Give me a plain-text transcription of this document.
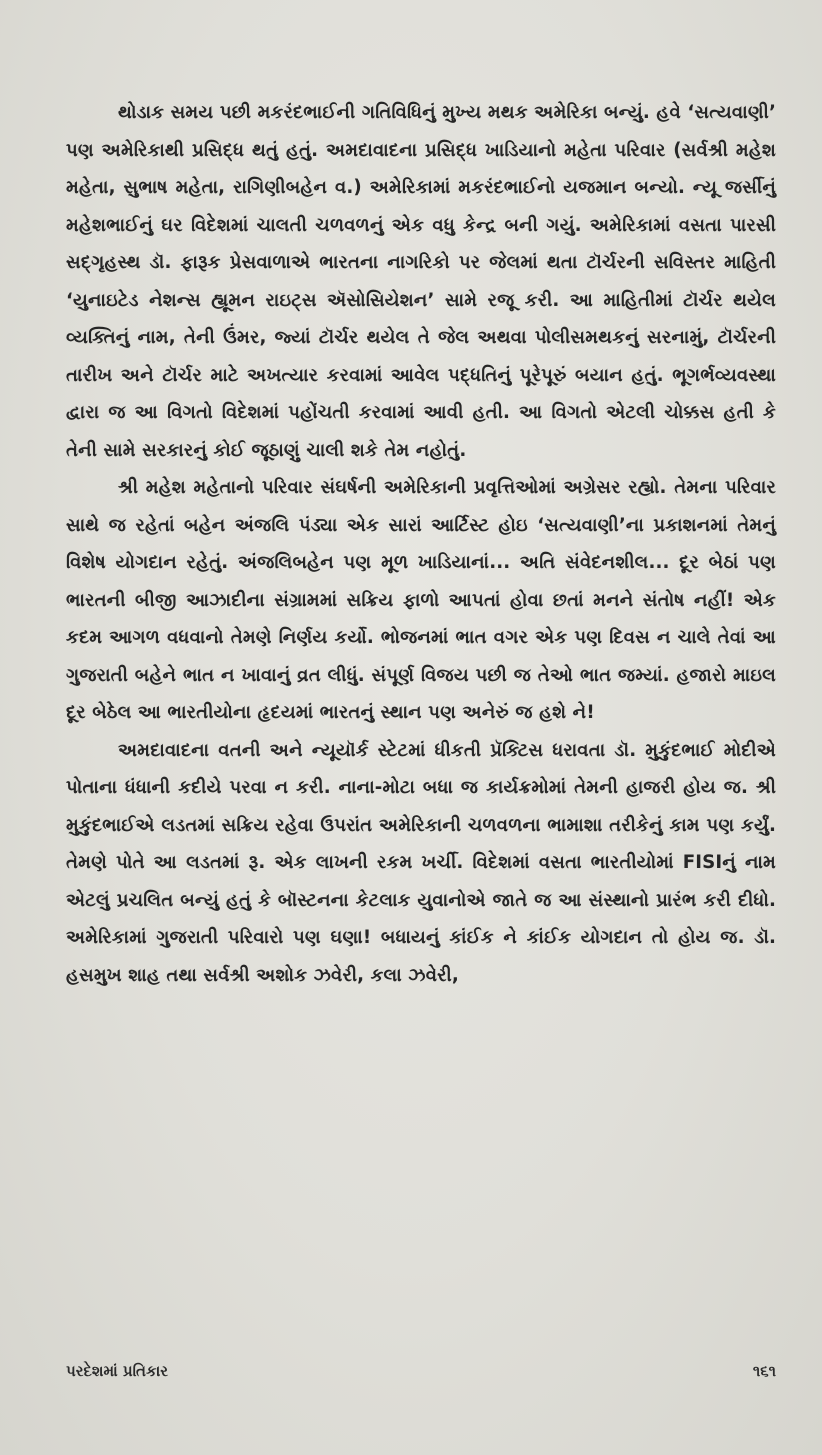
થોડાક સમય પછી મકરંદભાઈની ગતિવિધિનું મુખ્ય મથક અમેરિકા બન્યું. હવે ‘સત્યવાણી’ પણ અમેરિકાથી પ્રસિદ્ધ થતું હતું. અમદાવાદના પ્રસિદ્ધ ખાડિયાનો મહેતા પરિવાર (સર્વશ્રી મહેશ મહેતા, સુભાષ મહેતા, રાગિણીબહેન વ.) અમેરિકામાં મકરંદભાઈનો યજમાન બન્યો. ન્યૂ જર્સીનું મહેશભાઈનું ઘર વિદેશમાં ચાલતી ચળવળનું એક વધુ કેન્દ્ર બની ગયું. અમેરિકામાં વસતા પારસી સદ્‌ગૃહસ્થ ડૉ. ફારૂક પ્રેસવાળાએ ભારતના નાગરિકો પર જેલમાં થતા ટૉર્ચરની સવિસ્તર માહિતી ‘યુનાઇટેડ નેશન્સ હ્યૂમન રાઇટ્સ ઍસોસિયેશન’ સામે રજૂ કરી. આ માહિતીમાં ટૉર્ચર થયેલ વ્યક્તિનું નામ, તેની ઉંમર, જ્યાં ટૉર્ચર થયેલ તે જેલ અથવા પોલીસમથકનું સરનામું, ટૉર્ચરની તારીખ અને ટૉર્ચર માટે અખત્યાર કરવામાં આવેલ પદ્ધતિનું પૂરેપૂરું બયાન હતું. ભૂગર્ભવ્યવસ્થા દ્વારા જ આ વિગતો વિદેશમાં પહોંચતી કરવામાં આવી હતી. આ વિગતો એટલી ચોક્કસ હતી કે તેની સામે સરકારનું કોઈ જૂઠાણું ચાલી શકે તેમ નહોતું.

શ્રી મહેશ મહેતાનો પરિવાર સંઘર્ષની અમેરિકાની પ્રવૃત્તિઓમાં અગ્રેસર રહ્યો. તેમના પરિવાર સાથે જ રહેતાં બહેન અંજલિ પંડ્યા એક સારાં આર્ટિસ્ટ હોઇ ‘સત્યવાણી’ના પ્રકાશનમાં તેમનું વિશેષ યોગદાન રહેતું. અંજલિબહેન પણ મૂળ ખાડિયાનાં... અતિ સંવેદનશીલ... દૂર બેઠાં પણ ભારતની બીજી આઝાદીના સંગ્રામમાં સક્રિય ફાળો આપતાં હોવા છતાં મનને સંતોષ નહીં! એક કદમ આગળ વધવાનો તેમણે નિર્ણય કર્યો. ભોજનમાં ભાત વગર એક પણ દિવસ ન ચાલે તેવાં આ ગુજરાતી બહેને ભાત ન ખાવાનું વ્રત લીધું. સંપૂર્ણ વિજય પછી જ તેઓ ભાત જમ્યાં. હજારો માઇલ દૂર બેઠેલ આ ભારતીયોના હૃદયમાં ભારતનું સ્થાન પણ અનેરું જ હશે ને!

અમદાવાદના વતની અને ન્યૂયૉર્ક સ્ટેટમાં ધીકતી પ્રૅક્ટિસ ધરાવતા ડૉ. મુકુંદભાઈ મોદીએ પોતાના ધંધાની કદીયે પરવા ન કરી. નાના-મોટા બધા જ કાર્યક્રમોમાં તેમની હાજરી હોય જ. શ્રી મુકુંદભાઈએ લડતમાં સક્રિય રહેવા ઉપરાંત અમેરિકાની ચળવળના ભામાશા તરીકેનું કામ પણ કર્યું. તેમણે પોતે આ લડતમાં રૂ. એક લાખની રકમ ખર્ચી. વિદેશમાં વસતા ભારતીયોમાં FISIનું નામ એટલું પ્રચલિત બન્યું હતું કે બૉસ્ટનના કેટલાક યુવાનોએ જાતે જ આ સંસ્થાનો પ્રારંભ કરી દીધો. અમેરિકામાં ગુજરાતી પરિવારો પણ ઘણા! બધાયનું કાંઈક ને કાંઈક યોગદાન તો હોય જ. ડૉ. હસમુખ શાહ તથા સર્વશ્રી અશોક ઝવેરી, કલા ઝવેરી,

પરદેશમાં પ્રતિકાર	૧૬૧
